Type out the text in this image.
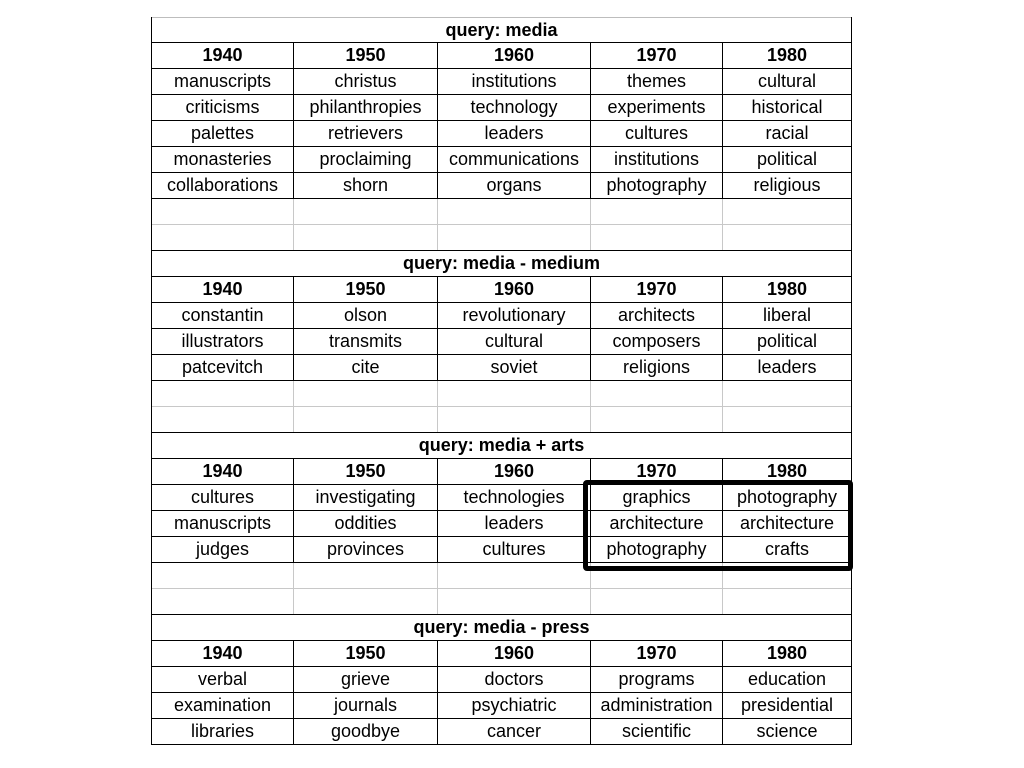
query: media
1940	1950	1960	1970	1980
manuscripts	christus	institutions	themes	cultural
criticisms	philanthropies	technology	experiments	historical
palettes	retrievers	leaders	cultures	racial
monasteries	proclaiming	communications	institutions	political
collaborations	shorn	organs	photography	religious
query: media - medium
1940	1950	1960	1970	1980
constantin	olson	revolutionary	architects	liberal
illustrators	transmits	cultural	composers	political
patcevitch	cite	soviet	religions	leaders
query: media + arts
1940	1950	1960	1970	1980
cultures	investigating	technologies	graphics	photography
manuscripts	oddities	leaders	architecture	architecture
judges	provinces	cultures	photography	crafts
query: media - press
1940	1950	1960	1970	1980
verbal	grieve	doctors	programs	education
examination	journals	psychiatric	administration	presidential
libraries	goodbye	cancer	scientific	science
